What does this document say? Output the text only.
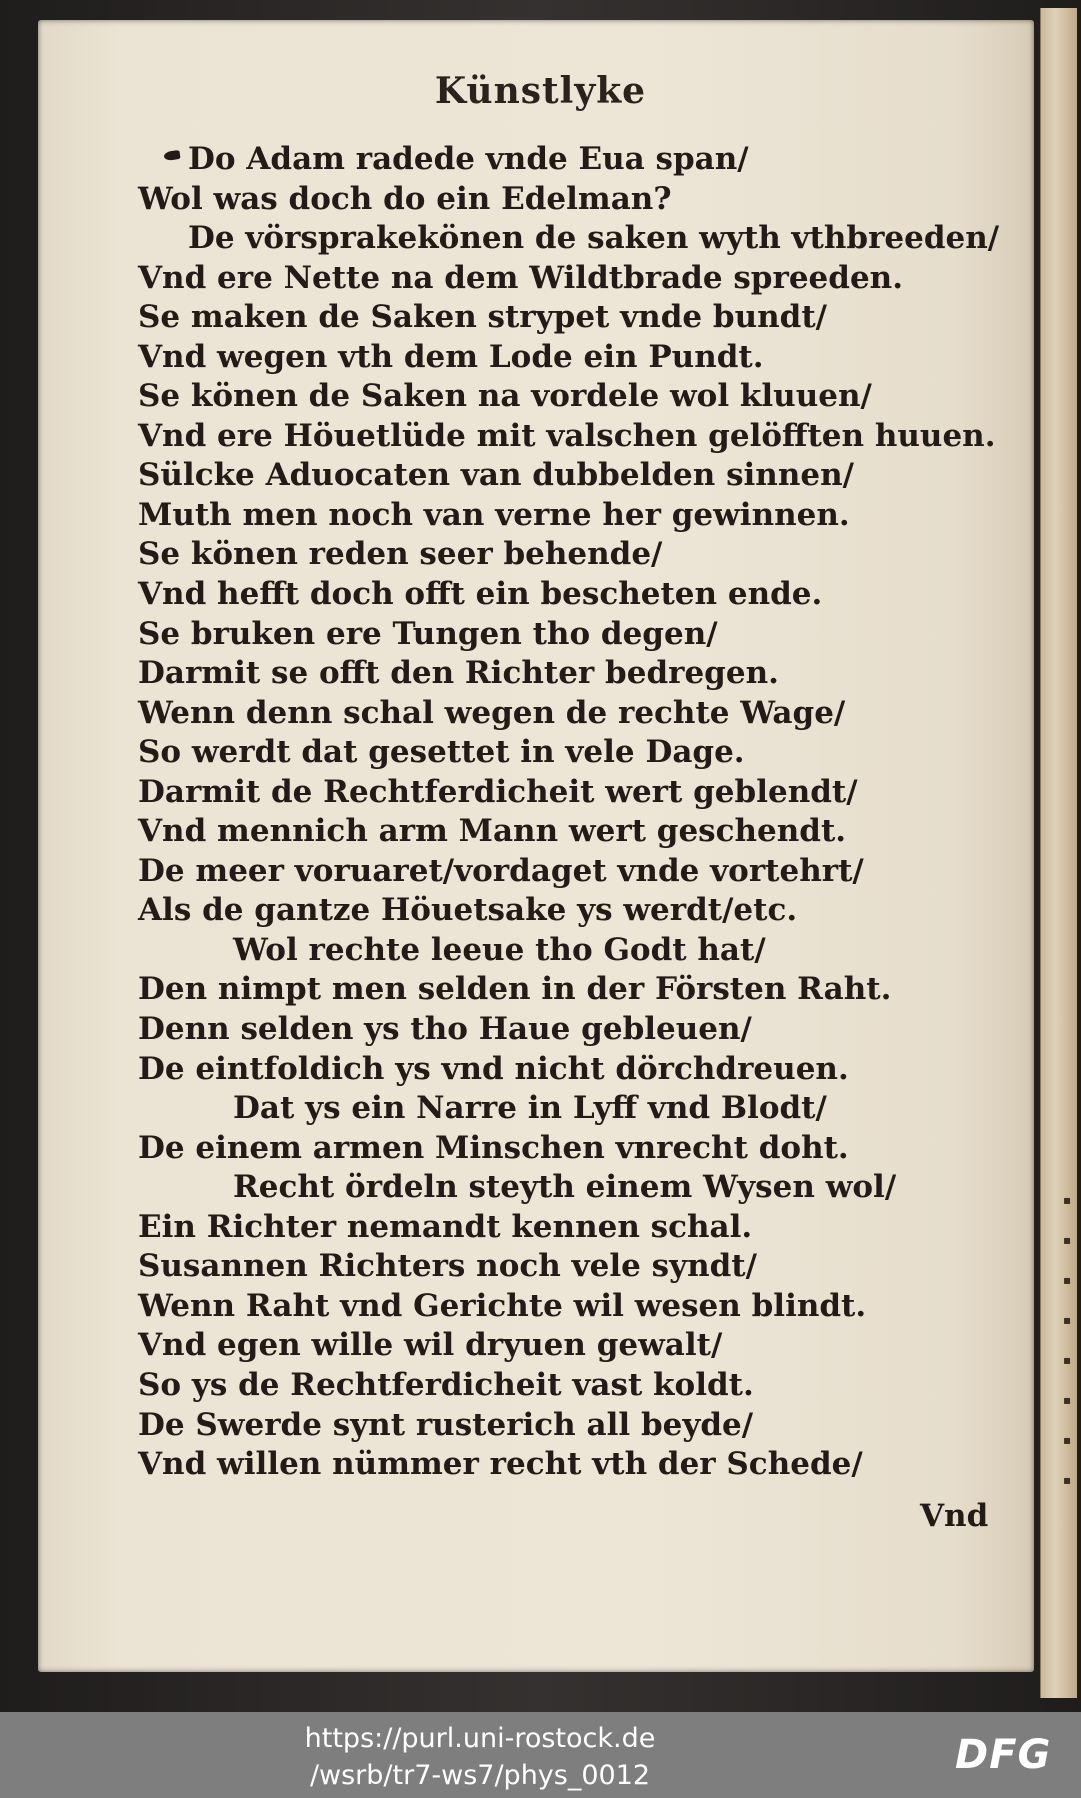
▪
▪
▪
▪
▪
▪
▪
▪
Künstlyke
Do Adam radede vnde Eua span/
Wol was doch do ein Edelman?
De vörsprakekönen de saken wyth vthbreeden/
Vnd ere Nette na dem Wildtbrade spreeden.
Se maken de Saken strypet vnde bundt/
Vnd wegen vth dem Lode ein Pundt.
Se könen de Saken na vordele wol kluuen/
Vnd ere Höuetlüde mit valschen gelöfften huuen.
Sülcke Aduocaten van dubbelden sinnen/
Muth men noch van verne her gewinnen.
Se könen reden seer behende/
Vnd hefft doch offt ein bescheten ende.
Se bruken ere Tungen tho degen/
Darmit se offt den Richter bedregen.
Wenn denn schal wegen de rechte Wage/
So werdt dat gesettet in vele Dage.
Darmit de Rechtferdicheit wert geblendt/
Vnd mennich arm Mann wert geschendt.
De meer voruaret/vordaget vnde vortehrt/
Als de gantze Höuetsake ys werdt/etc.
Wol rechte leeue tho Godt hat/
Den nimpt men selden in der Försten Raht.
Denn selden ys tho Haue gebleuen/
De eintfoldich ys vnd nicht dörchdreuen.
Dat ys ein Narre in Lyff vnd Blodt/
De einem armen Minschen vnrecht doht.
Recht ördeln steyth einem Wysen wol/
Ein Richter nemandt kennen schal.
Susannen Richters noch vele syndt/
Wenn Raht vnd Gerichte wil wesen blindt.
Vnd egen wille wil dryuen gewalt/
So ys de Rechtferdicheit vast koldt.
De Swerde synt rusterich all beyde/
Vnd willen nümmer recht vth der Schede/
Vnd
https://purl.uni-rostock.de
/wsrb/tr7-ws7/phys_0012	DFG
